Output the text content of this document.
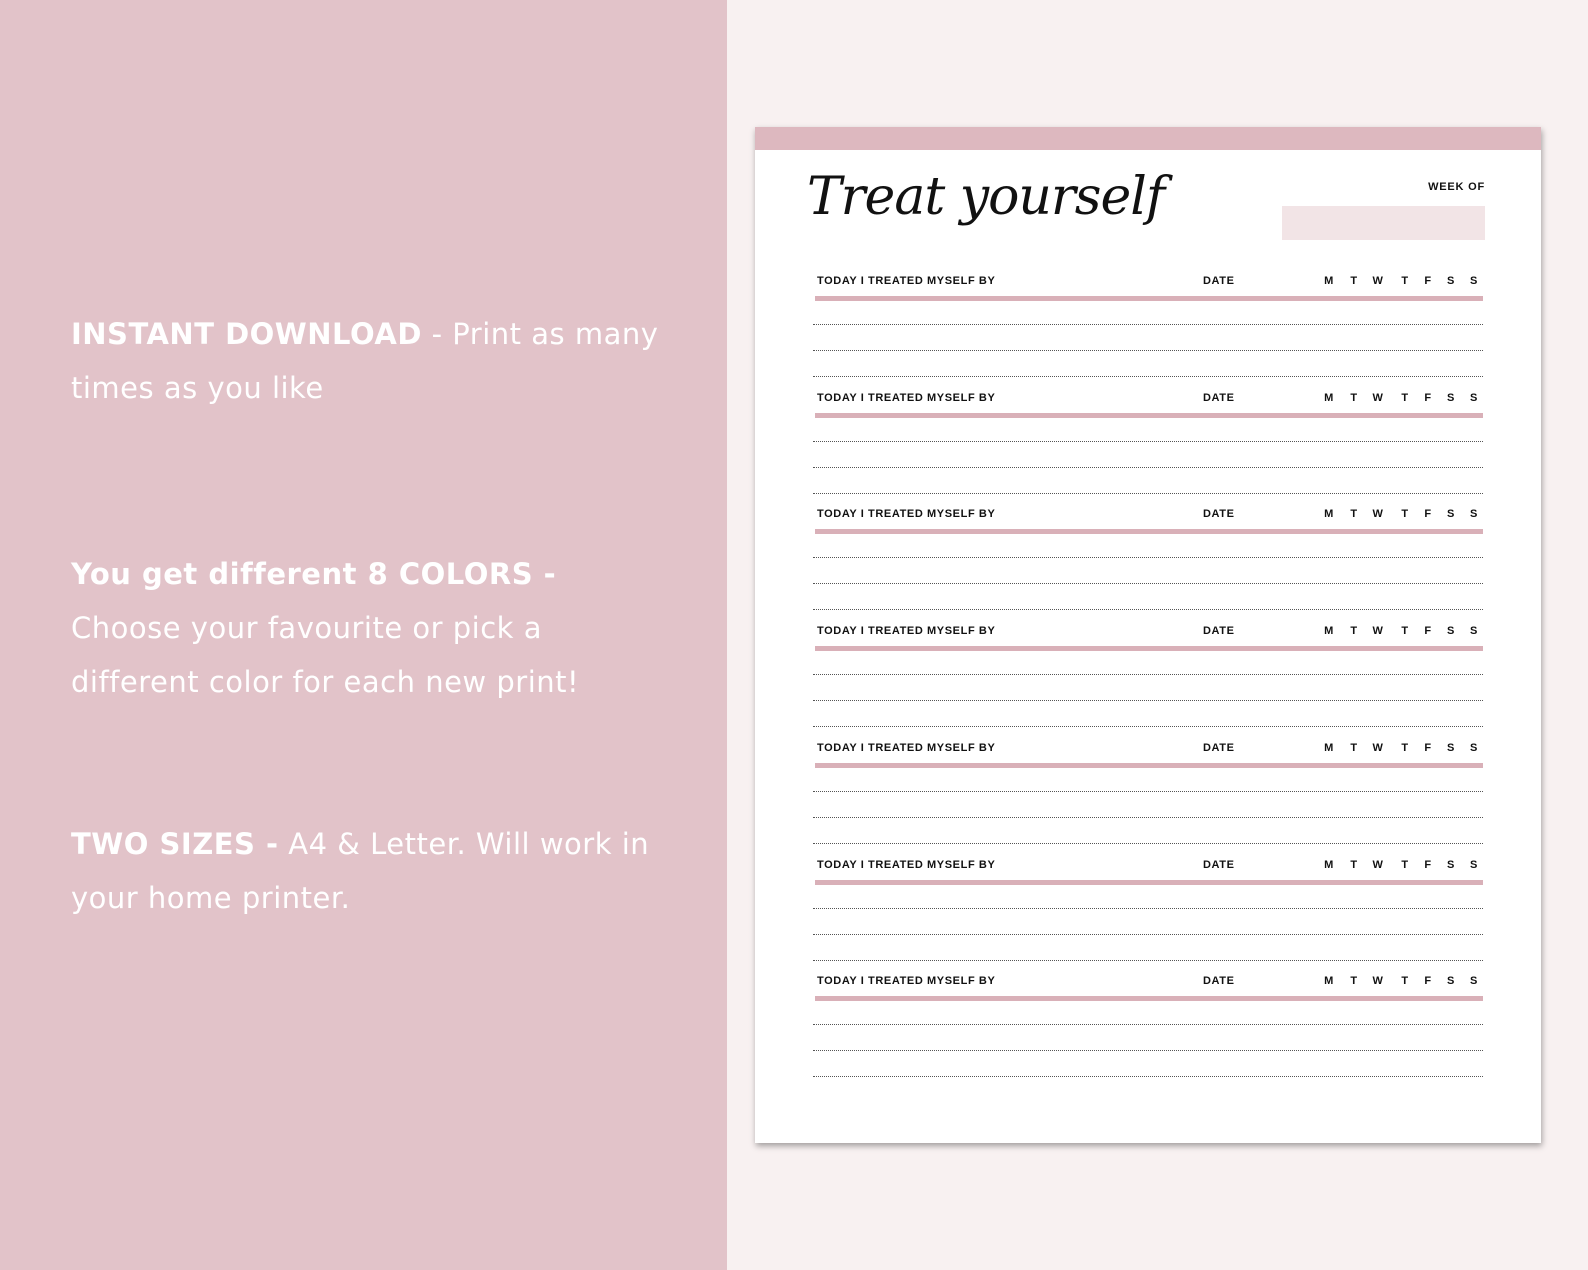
INSTANT DOWNLOAD - Print as many times as you like
You get different 8 COLORS - Choose your favourite or pick a different color for each new print!
TWO SIZES - A4 & Letter. Will work in your home printer.
Treat yourself	WEEK OF
TODAY I TREATED MYSELF BY	DATE	M T W T F S S
TODAY I TREATED MYSELF BY	DATE	M T W T F S S
TODAY I TREATED MYSELF BY	DATE	M T W T F S S
TODAY I TREATED MYSELF BY	DATE	M T W T F S S
TODAY I TREATED MYSELF BY	DATE	M T W T F S S
TODAY I TREATED MYSELF BY	DATE	M T W T F S S
TODAY I TREATED MYSELF BY	DATE	M T W T F S S
